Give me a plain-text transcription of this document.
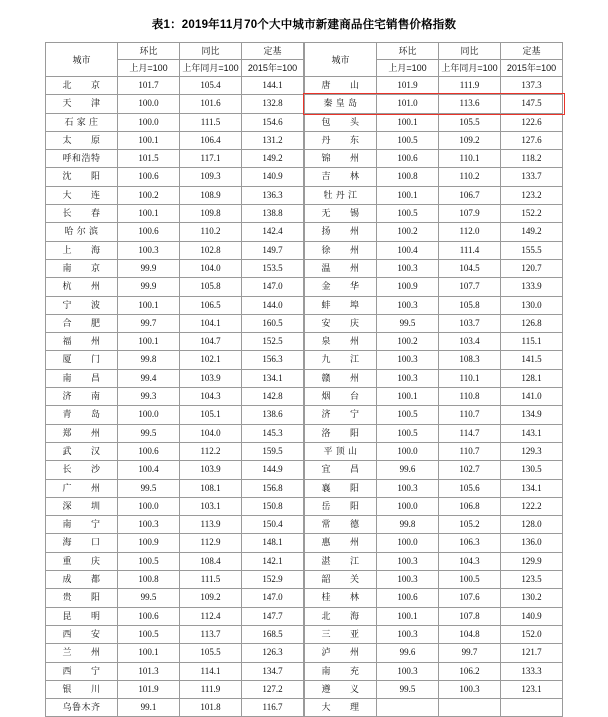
表1：2019年11月70个大中城市新建商品住宅销售价格指数
城市	环比	同比	定基
	上月=100	上年同月=100	2015年=100
北　　京	101.7	105.4	144.1
天　　津	100.0	101.6	132.8
石 家 庄	100.0	111.5	154.6
太　　原	100.1	106.4	131.2
呼和浩特	101.5	117.1	149.2
沈　　阳	100.6	109.3	140.9
大　　连	100.2	108.9	136.3
长　　春	100.1	109.8	138.8
哈 尔 滨	100.6	110.2	142.4
上　　海	100.3	102.8	149.7
南　　京	99.9	104.0	153.5
杭　　州	99.9	105.8	147.0
宁　　波	100.1	106.5	144.0
合　　肥	99.7	104.1	160.5
福　　州	100.1	104.7	152.5
厦　　门	99.8	102.1	156.3
南　　昌	99.4	103.9	134.1
济　　南	99.3	104.3	142.8
青　　岛	100.0	105.1	138.6
郑　　州	99.5	104.0	145.3
武　　汉	100.6	112.2	159.5
长　　沙	100.4	103.9	144.9
广　　州	99.5	108.1	156.8
深　　圳	100.0	103.1	150.8
南　　宁	100.3	113.9	150.4
海　　口	100.9	112.9	148.1
重　　庆	100.5	108.4	142.1
成　　都	100.8	111.5	152.9
贵　　阳	99.5	109.2	147.0
昆　　明	100.6	112.4	147.7
西　　安	100.5	113.7	168.5
兰　　州	100.1	105.5	126.3
西　　宁	101.3	114.1	134.7
银　　川	101.9	111.9	127.2
乌鲁木齐	99.1	101.8	116.7
城市	环比	同比	定基
	上月=100	上年同月=100	2015年=100
唐　　山	101.9	111.9	137.3
秦 皇 岛	101.0	113.6	147.5
包　　头	100.1	105.5	122.6
丹　　东	100.5	109.2	127.6
锦　　州	100.6	110.1	118.2
吉　　林	100.8	110.2	133.7
牡 丹 江	100.1	106.7	123.2
无　　锡	100.5	107.9	152.2
扬　　州	100.2	112.0	149.2
徐　　州	100.4	111.4	155.5
温　　州	100.3	104.5	120.7
金　　华	100.9	107.7	133.9
蚌　　埠	100.3	105.8	130.0
安　　庆	99.5	103.7	126.8
泉　　州	100.2	103.4	115.1
九　　江	100.3	108.3	141.5
赣　　州	100.3	110.1	128.1
烟　　台	100.1	110.8	141.0
济　　宁	100.5	110.7	134.9
洛　　阳	100.5	114.7	143.1
平 顶 山	100.0	110.7	129.3
宜　　昌	99.6	102.7	130.5
襄　　阳	100.3	105.6	134.1
岳　　阳	100.0	106.8	122.2
常　　德	99.8	105.2	128.0
惠　　州	100.0	106.3	136.0
湛　　江	100.3	104.3	129.9
韶　　关	100.3	100.5	123.5
桂　　林	100.6	107.6	130.2
北　　海	100.1	107.8	140.9
三　　亚	100.3	104.8	152.0
泸　　州	99.6	99.7	121.7
南　　充	100.3	106.2	133.3
遵　　义	99.5	100.3	123.1
大　　理			
